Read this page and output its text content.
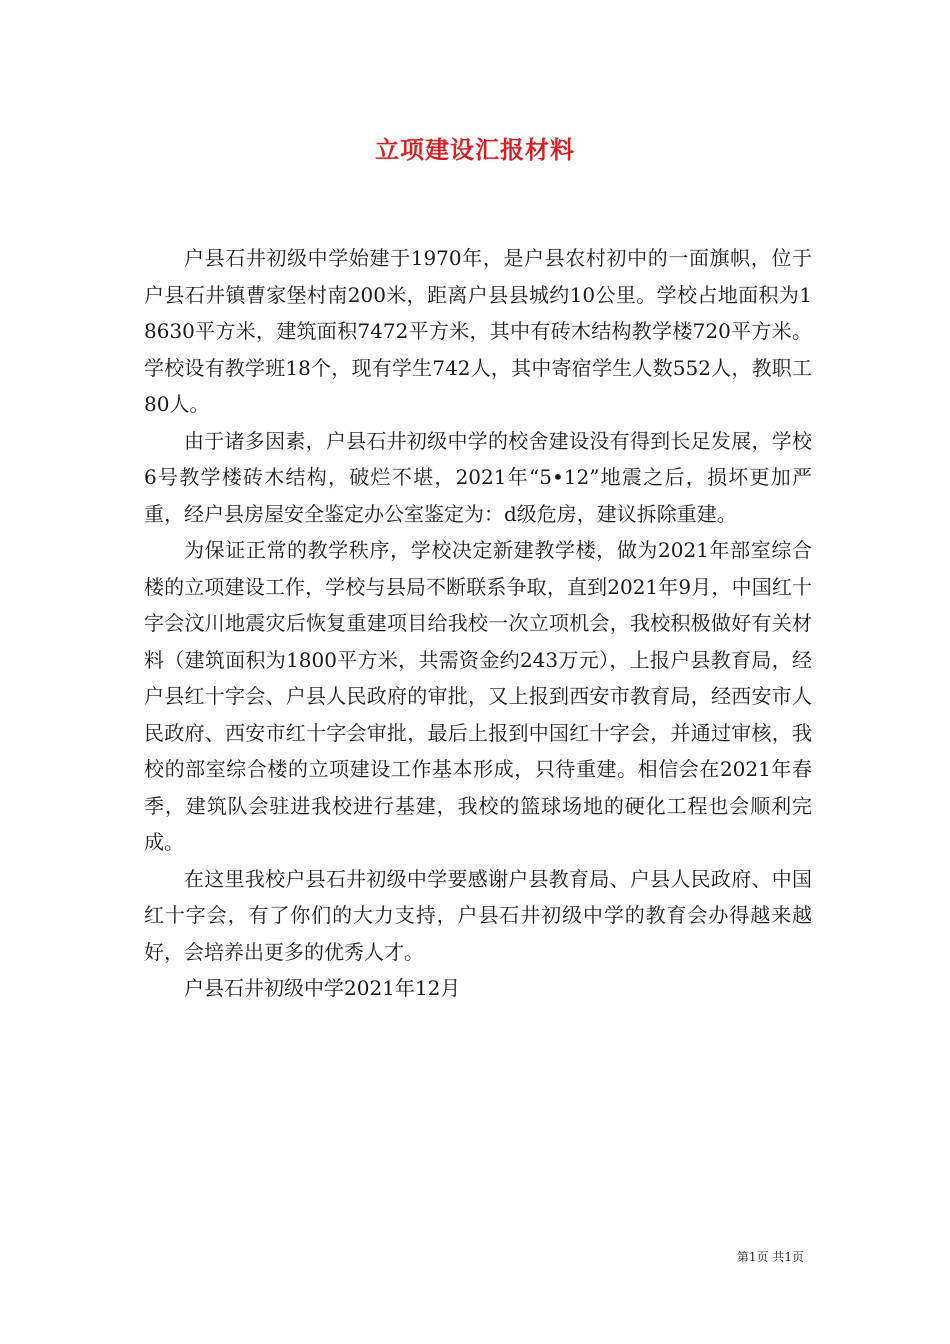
立项建设汇报材料

户县石井初级中学始建于1970年，是户县农村初中的一面旗帜，位于户县石井镇曹家堡村南200米，距离户县县城约10公里。学校占地面积为18630平方米，建筑面积7472平方米，其中有砖木结构教学楼720平方米。学校设有教学班18个，现有学生742人，其中寄宿学生人数552人，教职工80人。

由于诸多因素，户县石井初级中学的校舍建设没有得到长足发展，学校6号教学楼砖木结构，破烂不堪，2021年“5•12”地震之后，损坏更加严重，经户县房屋安全鉴定办公室鉴定为：d级危房，建议拆除重建。

为保证正常的教学秩序，学校决定新建教学楼，做为2021年部室综合楼的立项建设工作，学校与县局不断联系争取，直到2021年9月，中国红十字会汶川地震灾后恢复重建项目给我校一次立项机会，我校积极做好有关材料（建筑面积为1800平方米，共需资金约243万元），上报户县教育局，经户县红十字会、户县人民政府的审批，又上报到西安市教育局，经西安市人民政府、西安市红十字会审批，最后上报到中国红十字会，并通过审核，我校的部室综合楼的立项建设工作基本形成，只待重建。相信会在2021年春季，建筑队会驻进我校进行基建，我校的篮球场地的硬化工程也会顺利完成。

在这里我校户县石井初级中学要感谢户县教育局、户县人民政府、中国红十字会，有了你们的大力支持，户县石井初级中学的教育会办得越来越好，会培养出更多的优秀人才。

户县石井初级中学2021年12月

第1页 共1页
